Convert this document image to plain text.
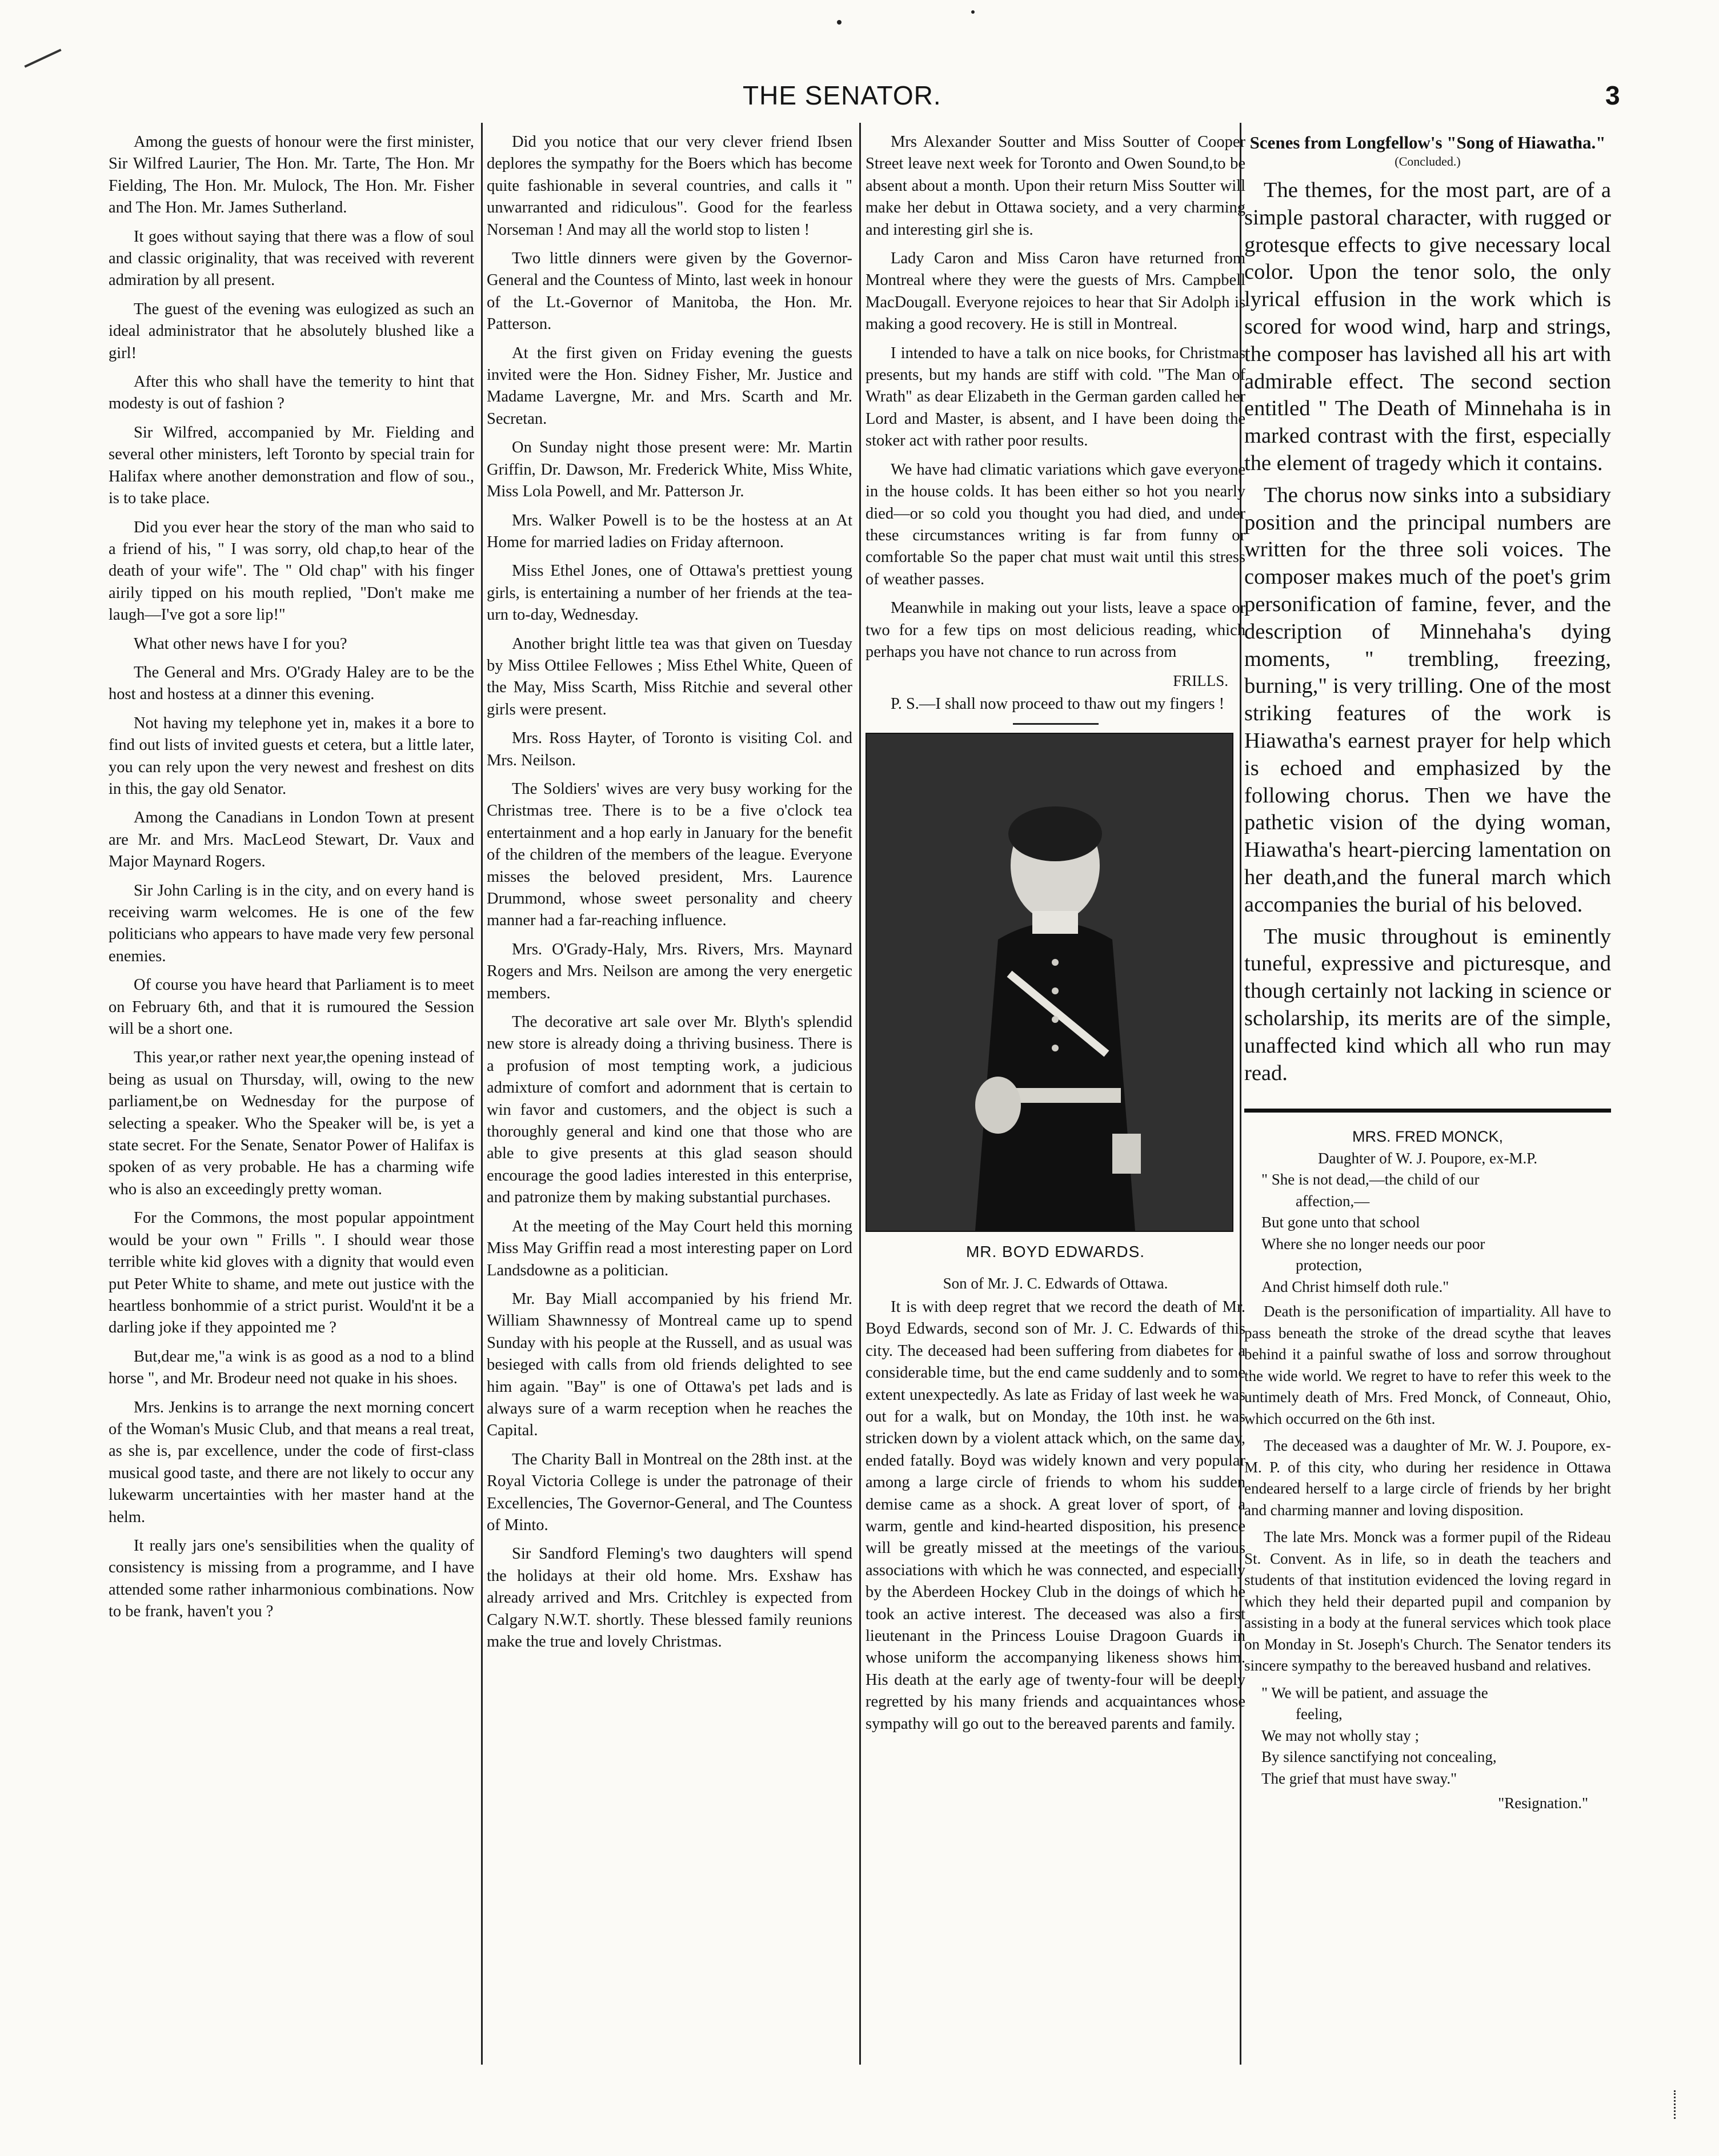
THE SENATOR.	3

Among the guests of honour were the first minister, Sir Wilfred Laurier, The Hon. Mr. Tarte, The Hon. Mr Fielding, The Hon. Mr. Mulock, The Hon. Mr. Fisher and The Hon. Mr. James Sutherland.

It goes without saying that there was a flow of soul and classic originality, that was received with reverent admiration by all present.

The guest of the evening was eulogized as such an ideal administrator that he absolutely blushed like a girl!

After this who shall have the temerity to hint that modesty is out of fashion ?

Sir Wilfred, accompanied by Mr. Fielding and several other ministers, left Toronto by special train for Halifax where another demonstration and flow of sou., is to take place.

Did you ever hear the story of the man who said to a friend of his, " I was sorry, old chap,to hear of the death of your wife". The " Old chap" with his finger airily tipped on his mouth replied, "Don't make me laugh—I've got a sore lip!"

What other news have I for you?

The General and Mrs. O'Grady Haley are to be the host and hostess at a dinner this evening.

Not having my telephone yet in, makes it a bore to find out lists of invited guests et cetera, but a little later, you can rely upon the very newest and freshest on dits in this, the gay old Senator.

Among the Canadians in London Town at present are Mr. and Mrs. MacLeod Stewart, Dr. Vaux and Major Maynard Rogers.

Sir John Carling is in the city, and on every hand is receiving warm welcomes. He is one of the few politicians who appears to have made very few personal enemies.

Of course you have heard that Parliament is to meet on February 6th, and that it is rumoured the Session will be a short one.

This year,or rather next year,the opening instead of being as usual on Thursday, will, owing to the new parliament,be on Wednesday for the purpose of selecting a speaker. Who the Speaker will be, is yet a state secret. For the Senate, Senator Power of Halifax is spoken of as very probable. He has a charming wife who is also an exceedingly pretty woman.

For the Commons, the most popular appointment would be your own " Frills ". I should wear those terrible white kid gloves with a dignity that would even put Peter White to shame, and mete out justice with the heartless bonhommie of a strict purist. Would'nt it be a darling joke if they appointed me ?

But,dear me,"a wink is as good as a nod to a blind horse ", and Mr. Brodeur need not quake in his shoes.

Mrs. Jenkins is to arrange the next morning concert of the Woman's Music Club, and that means a real treat, as she is, par excellence, under the code of first-class musical good taste, and there are not likely to occur any lukewarm uncertainties with her master hand at the helm.

It really jars one's sensibilities when the quality of consistency is missing from a programme, and I have attended some rather inharmonious combinations. Now to be frank, haven't you ?

Did you notice that our very clever friend Ibsen deplores the sympathy for the Boers which has become quite fashionable in several countries, and calls it " unwarranted and ridiculous". Good for the fearless Norseman ! And may all the world stop to listen !

Two little dinners were given by the Governor-General and the Countess of Minto, last week in honour of the Lt.-Governor of Manitoba, the Hon. Mr. Patterson.

At the first given on Friday evening the guests invited were the Hon. Sidney Fisher, Mr. Justice and Madame Lavergne, Mr. and Mrs. Scarth and Mr. Secretan.

On Sunday night those present were: Mr. Martin Griffin, Dr. Dawson, Mr. Frederick White, Miss White, Miss Lola Powell, and Mr. Patterson Jr.

Mrs. Walker Powell is to be the hostess at an At Home for married ladies on Friday afternoon.

Miss Ethel Jones, one of Ottawa's prettiest young girls, is entertaining a number of her friends at the tea-urn to-day, Wednesday.

Another bright little tea was that given on Tuesday by Miss Ottilee Fellowes ; Miss Ethel White, Queen of the May, Miss Scarth, Miss Ritchie and several other girls were present.

Mrs. Ross Hayter, of Toronto is visiting Col. and Mrs. Neilson.

The Soldiers' wives are very busy working for the Christmas tree. There is to be a five o'clock tea entertainment and a hop early in January for the benefit of the children of the members of the league. Everyone misses the beloved president, Mrs. Laurence Drummond, whose sweet personality and cheery manner had a far-reaching influence.

Mrs. O'Grady-Haly, Mrs. Rivers, Mrs. Maynard Rogers and Mrs. Neilson are among the very energetic members.

The decorative art sale over Mr. Blyth's splendid new store is already doing a thriving business. There is a profusion of most tempting work, a judicious admixture of comfort and adornment that is certain to win favor and customers, and the object is such a thoroughly general and kind one that those who are able to give presents at this glad season should encourage the good ladies interested in this enterprise, and patronize them by making substantial purchases.

At the meeting of the May Court held this morning Miss May Griffin read a most interesting paper on Lord Landsdowne as a politician.

Mr. Bay Miall accompanied by his friend Mr. William Shawnnessy of Montreal came up to spend Sunday with his people at the Russell, and as usual was besieged with calls from old friends delighted to see him again. "Bay" is one of Ottawa's pet lads and is always sure of a warm reception when he reaches the Capital.

The Charity Ball in Montreal on the 28th inst. at the Royal Victoria College is under the patronage of their Excellencies, The Governor-General, and The Countess of Minto.

Sir Sandford Fleming's two daughters will spend the holidays at their old home. Mrs. Exshaw has already arrived and Mrs. Critchley is expected from Calgary N.W.T. shortly. These blessed family reunions make the true and lovely Christmas.

Mrs Alexander Soutter and Miss Soutter of Cooper Street leave next week for Toronto and Owen Sound,to be absent about a month. Upon their return Miss Soutter will make her debut in Ottawa society, and a very charming and interesting girl she is.

Lady Caron and Miss Caron have returned from Montreal where they were the guests of Mrs. Campbell MacDougall. Everyone rejoices to hear that Sir Adolph is making a good recovery. He is still in Montreal.

I intended to have a talk on nice books, for Christmas presents, but my hands are stiff with cold. "The Man of Wrath" as dear Elizabeth in the German garden called her Lord and Master, is absent, and I have been doing the stoker act with rather poor results.

We have had climatic variations which gave everyone in the house colds. It has been either so hot you nearly died—or so cold you thought you had died, and under these circumstances writing is far from funny or comfortable So the paper chat must wait until this stress of weather passes.

Meanwhile in making out your lists, leave a space or two for a few tips on most delicious reading, which perhaps you have not chance to run across from

FRILLS.

P. S.—I shall now proceed to thaw out my fingers !

MR. BOYD EDWARDS.
Son of Mr. J. C. Edwards of Ottawa.

It is with deep regret that we record the death of Mr. Boyd Edwards, second son of Mr. J. C. Edwards of this city. The deceased had been suffering from diabetes for a considerable time, but the end came suddenly and to some extent unexpectedly. As late as Friday of last week he was out for a walk, but on Monday, the 10th inst. he was stricken down by a violent attack which, on the same day, ended fatally. Boyd was widely known and very popular among a large circle of friends to whom his sudden demise came as a shock. A great lover of sport, of a warm, gentle and kind-hearted disposition, his presence will be greatly missed at the meetings of the various associations with which he was connected, and especially by the Aberdeen Hockey Club in the doings of which he took an active interest. The deceased was also a first lieutenant in the Princess Louise Dragoon Guards in whose uniform the accompanying likeness shows him. His death at the early age of twenty-four will be deeply regretted by his many friends and acquaintances whose sympathy will go out to the bereaved parents and family.

Scenes from Longfellow's "Song of Hiawatha."
(Concluded.)

The themes, for the most part, are of a simple pastoral character, with rugged or grotesque effects to give necessary local color. Upon the tenor solo, the only lyrical effusion in the work which is scored for wood wind, harp and strings, the composer has lavished all his art with admirable effect. The second section entitled " The Death of Minnehaha is in marked contrast with the first, especially the element of tragedy which it contains.

The chorus now sinks into a subsidiary position and the principal numbers are written for the three soli voices. The composer makes much of the poet's grim personification of famine, fever, and the description of Minnehaha's dying moments, " trembling, freezing, burning," is very trilling. One of the most striking features of the work is Hiawatha's earnest prayer for help which is echoed and emphasized by the following chorus. Then we have the pathetic vision of the dying woman, Hiawatha's heart-piercing lamentation on her death,and the funeral march which accompanies the burial of his beloved.

The music throughout is eminently tuneful, expressive and picturesque, and though certainly not lacking in science or scholarship, its merits are of the simple, unaffected kind which all who run may read.

MRS. FRED MONCK,
Daughter of W. J. Poupore, ex-M.P.
" She is not dead,—the child of our
affection,—
But gone unto that school
Where she no longer needs our poor
protection,
And Christ himself doth rule."

Death is the personification of impartiality. All have to pass beneath the stroke of the dread scythe that leaves behind it a painful swathe of loss and sorrow throughout the wide world. We regret to have to refer this week to the untimely death of Mrs. Fred Monck, of Conneaut, Ohio, which occurred on the 6th inst.

The deceased was a daughter of Mr. W. J. Poupore, ex-M. P. of this city, who during her residence in Ottawa endeared herself to a large circle of friends by her bright and charming manner and loving disposition.

The late Mrs. Monck was a former pupil of the Rideau St. Convent. As in life, so in death the teachers and students of that institution evidenced the loving regard in which they held their departed pupil and companion by assisting in a body at the funeral services which took place on Monday in St. Joseph's Church. The Senator tenders its sincere sympathy to the bereaved husband and relatives.

" We will be patient, and assuage the
feeling,
We may not wholly stay ;
By silence sanctifying not concealing,
The grief that must have sway."
"Resignation."
